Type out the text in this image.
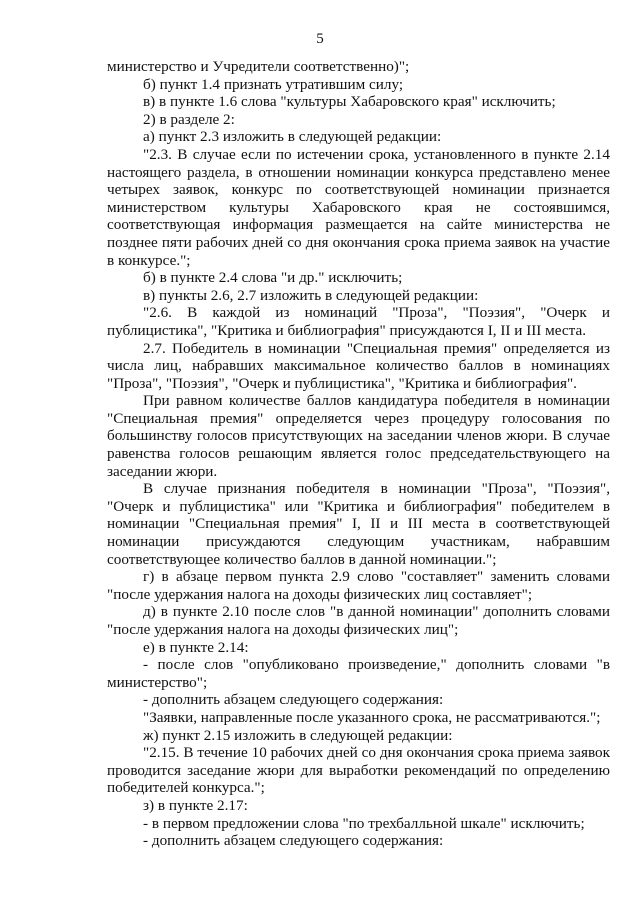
5

министерство и Учредители соответственно)";

б) пункт 1.4 признать утратившим силу;

в) в пункте 1.6 слова "культуры Хабаровского края" исключить;

2) в разделе 2:

а) пункт 2.3 изложить в следующей редакции:

"2.3. В случае если по истечении срока, установленного в пункте 2.14 настоящего раздела, в отношении номинации конкурса представлено менее четырех заявок, конкурс по соответствующей номинации признается министерством культуры Хабаровского края не состоявшимся, соответствующая информация размещается на сайте министерства не позднее пяти рабочих дней со дня окончания срока приема заявок на участие в конкурсе.";

б) в пункте 2.4 слова "и др." исключить;

в) пункты 2.6, 2.7 изложить в следующей редакции:

"2.6. В каждой из номинаций "Проза", "Поэзия", "Очерк и публицистика", "Критика и библиография" присуждаются I, II и III места.

2.7. Победитель в номинации "Специальная премия" определяется из числа лиц, набравших максимальное количество баллов в номинациях "Проза", "Поэзия", "Очерк и публицистика", "Критика и библиография".

При равном количестве баллов кандидатура победителя в номинации "Специальная премия" определяется через процедуру голосования по большинству голосов присутствующих на заседании членов жюри. В случае равенства голосов решающим является голос председательствующего на заседании жюри.

В случае признания победителя в номинации "Проза", "Поэзия", "Очерк и публицистика" или "Критика и библиография" победителем в номинации "Специальная премия" I, II и III места в соответствующей номинации присуждаются следующим участникам, набравшим соответствующее количество баллов в данной номинации.";

г) в абзаце первом пункта 2.9 слово "составляет" заменить словами "после удержания налога на доходы физических лиц составляет";

д) в пункте 2.10 после слов "в данной номинации" дополнить словами "после удержания налога на доходы физических лиц";

е) в пункте 2.14:

- после слов "опубликовано произведение," дополнить словами "в министерство";

- дополнить абзацем следующего содержания:

"Заявки, направленные после указанного срока, не рассматриваются.";

ж) пункт 2.15 изложить в следующей редакции:

"2.15. В течение 10 рабочих дней со дня окончания срока приема заявок проводится заседание жюри для выработки рекомендаций по определению победителей конкурса.";

з) в пункте 2.17:

- в первом предложении слова "по трехбалльной шкале" исключить;

- дополнить абзацем следующего содержания:
